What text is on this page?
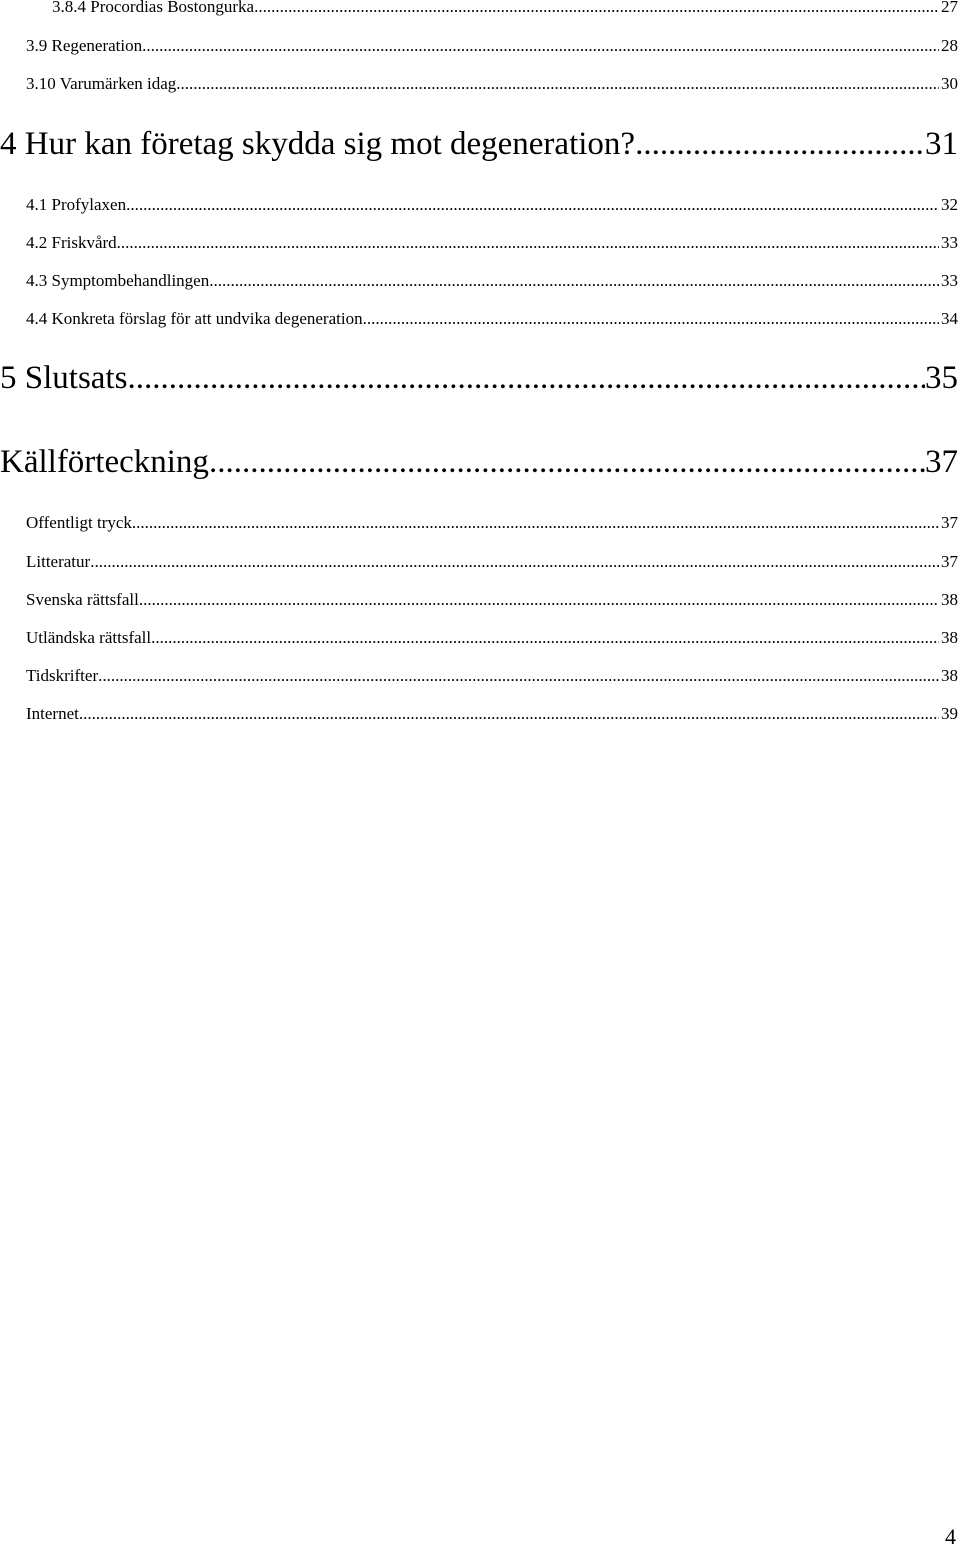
3.8.4 Procordias Bostongurka .....	27
3.9 Regeneration .....	28
3.10 Varumärken idag .....	30
4 Hur kan företag skydda sig mot degeneration? .....	31
4.1 Profylaxen .....	32
4.2 Friskvård .....	33
4.3 Symptombehandlingen .....	33
4.4 Konkreta förslag för att undvika degeneration .....	34
5 Slutsats .....	35
Källförteckning .....	37
Offentligt tryck .....	37
Litteratur .....	37
Svenska rättsfall .....	38
Utländska rättsfall .....	38
Tidskrifter .....	38
Internet .....	39
4
